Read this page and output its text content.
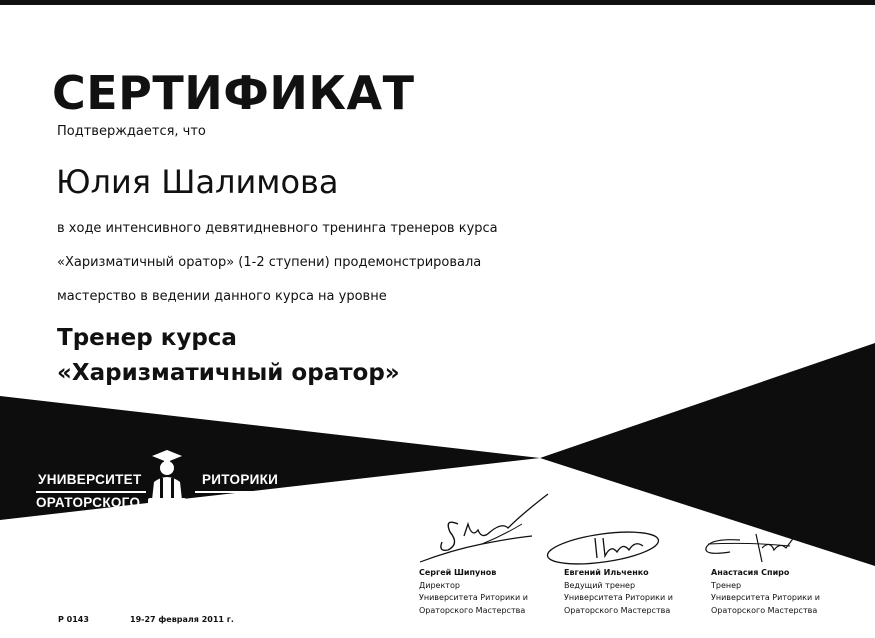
СЕРТИФИКАТ
Подтверждается, что
Юлия Шалимова
в ходе интенсивного девятидневного тренинга тренеров курса
«Харизматичный оратор» (1-2 ступени) продемонстрировала
мастерство в ведении данного курса на уровне
Тренер курса
«Харизматичный оратор»
УНИВЕРСИТЕТ	РИТОРИКИ
ОРАТОРСКОГО	МАСТЕРСТВА
Сергей Шипунов
Директор
Университета Риторики и
Ораторского Мастерства
Евгений Ильченко
Ведущий тренер
Университета Риторики и
Ораторского Мастерства
Анастасия Спиро
Тренер
Университета Риторики и
Ораторского Мастерства
Р 0143	19-27 февраля 2011 г.
